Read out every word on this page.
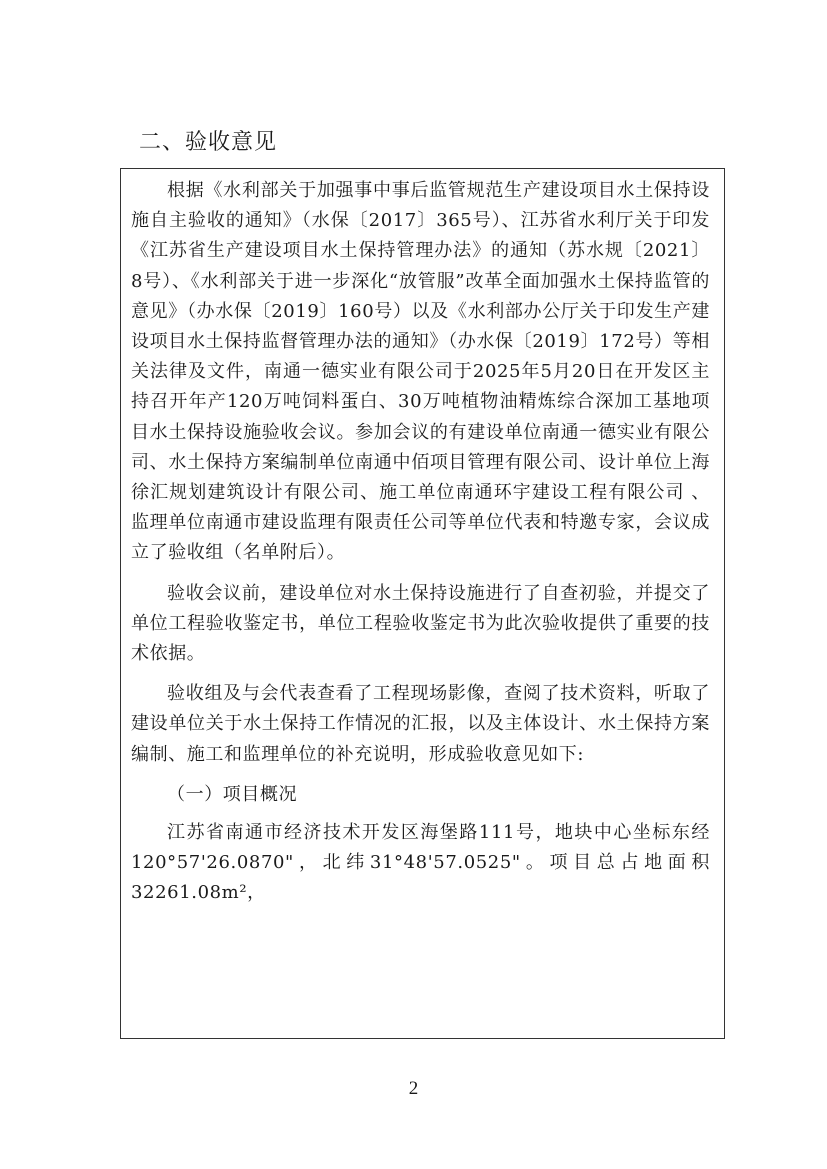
二、验收意见

根据《水利部关于加强事中事后监管规范生产建设项目水土保持设施自主验收的通知》（水保〔2017〕365号）、江苏省水利厅关于印发《江苏省生产建设项目水土保持管理办法》的通知（苏水规〔2021〕8号）、《水利部关于进一步深化“放管服”改革全面加强水土保持监管的意见》（办水保〔2019〕160号）以及《水利部办公厅关于印发生产建设项目水土保持监督管理办法的通知》（办水保〔2019〕172号）等相关法律及文件，南通一德实业有限公司于2025年5月20日在开发区主持召开年产120万吨饲料蛋白、30万吨植物油精炼综合深加工基地项目水土保持设施验收会议。参加会议的有建设单位南通一德实业有限公司、水土保持方案编制单位南通中佰项目管理有限公司、设计单位上海徐汇规划建筑设计有限公司、施工单位南通环宇建设工程有限公司 、监理单位南通市建设监理有限责任公司等单位代表和特邀专家，会议成立了验收组（名单附后）。

验收会议前，建设单位对水土保持设施进行了自查初验，并提交了单位工程验收鉴定书，单位工程验收鉴定书为此次验收提供了重要的技术依据。

验收组及与会代表查看了工程现场影像，查阅了技术资料，听取了建设单位关于水土保持工作情况的汇报，以及主体设计、水土保持方案编制、施工和监理单位的补充说明，形成验收意见如下:

（一）项目概况

江苏省南通市经济技术开发区海堡路111号，地块中心坐标东经120°57'26.0870"，北纬31°48'57.0525"。项目总占地面积32261.08m²，

2
